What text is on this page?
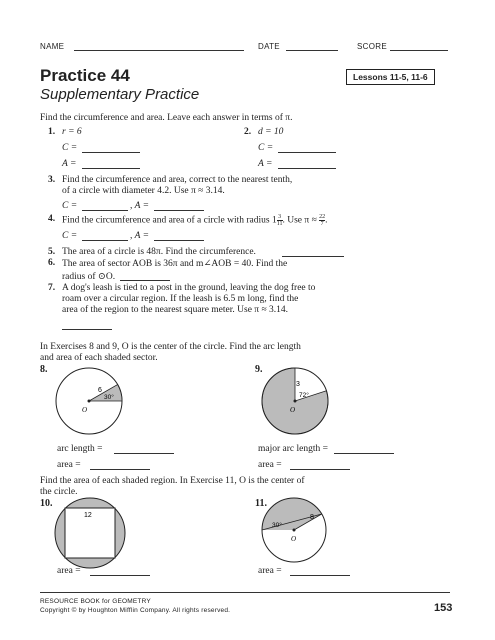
NAME	DATE	SCORE
Practice 44
Supplementary Practice
Lessons 11-5, 11-6
Find the circumference and area. Leave each answer in terms of π.
1. r = 6
C =
A =
2. d = 10
C =
A =
3. Find the circumference and area, correct to the nearest tenth,
of a circle with diameter 4.2. Use π ≈ 3.14.
C =	, A =
4. Find the circumference and area of a circle with radius $1 \frac{3}{11}$ . Use $\pi \approx \frac{22}{7}$ .
C =	, A =
5. The area of a circle is 48π. Find the circumference.
6. The area of sector AOB is 36π and m∠AOB = 40. Find the
radius of ⊙O.
7. A dog's leash is tied to a post in the ground, leaving the dog free to
roam over a circular region. If the leash is 6.5 m long, find the
area of the region to the nearest square meter. Use π ≈ 3.14.
In Exercises 8 and 9, O is the center of the circle. Find the arc length
and area of each shaded sector.
8.
6
30°
O
arc length =
area =
9.
3
72°
O
major arc length =
area =
Find the area of each shaded region. In Exercise 11, O is the center of
the circle.
10.
12
area =
11.
8
30°
O
area =
RESOURCE BOOK for GEOMETRY
Copyright © by Houghton Mifflin Company. All rights reserved.	153
